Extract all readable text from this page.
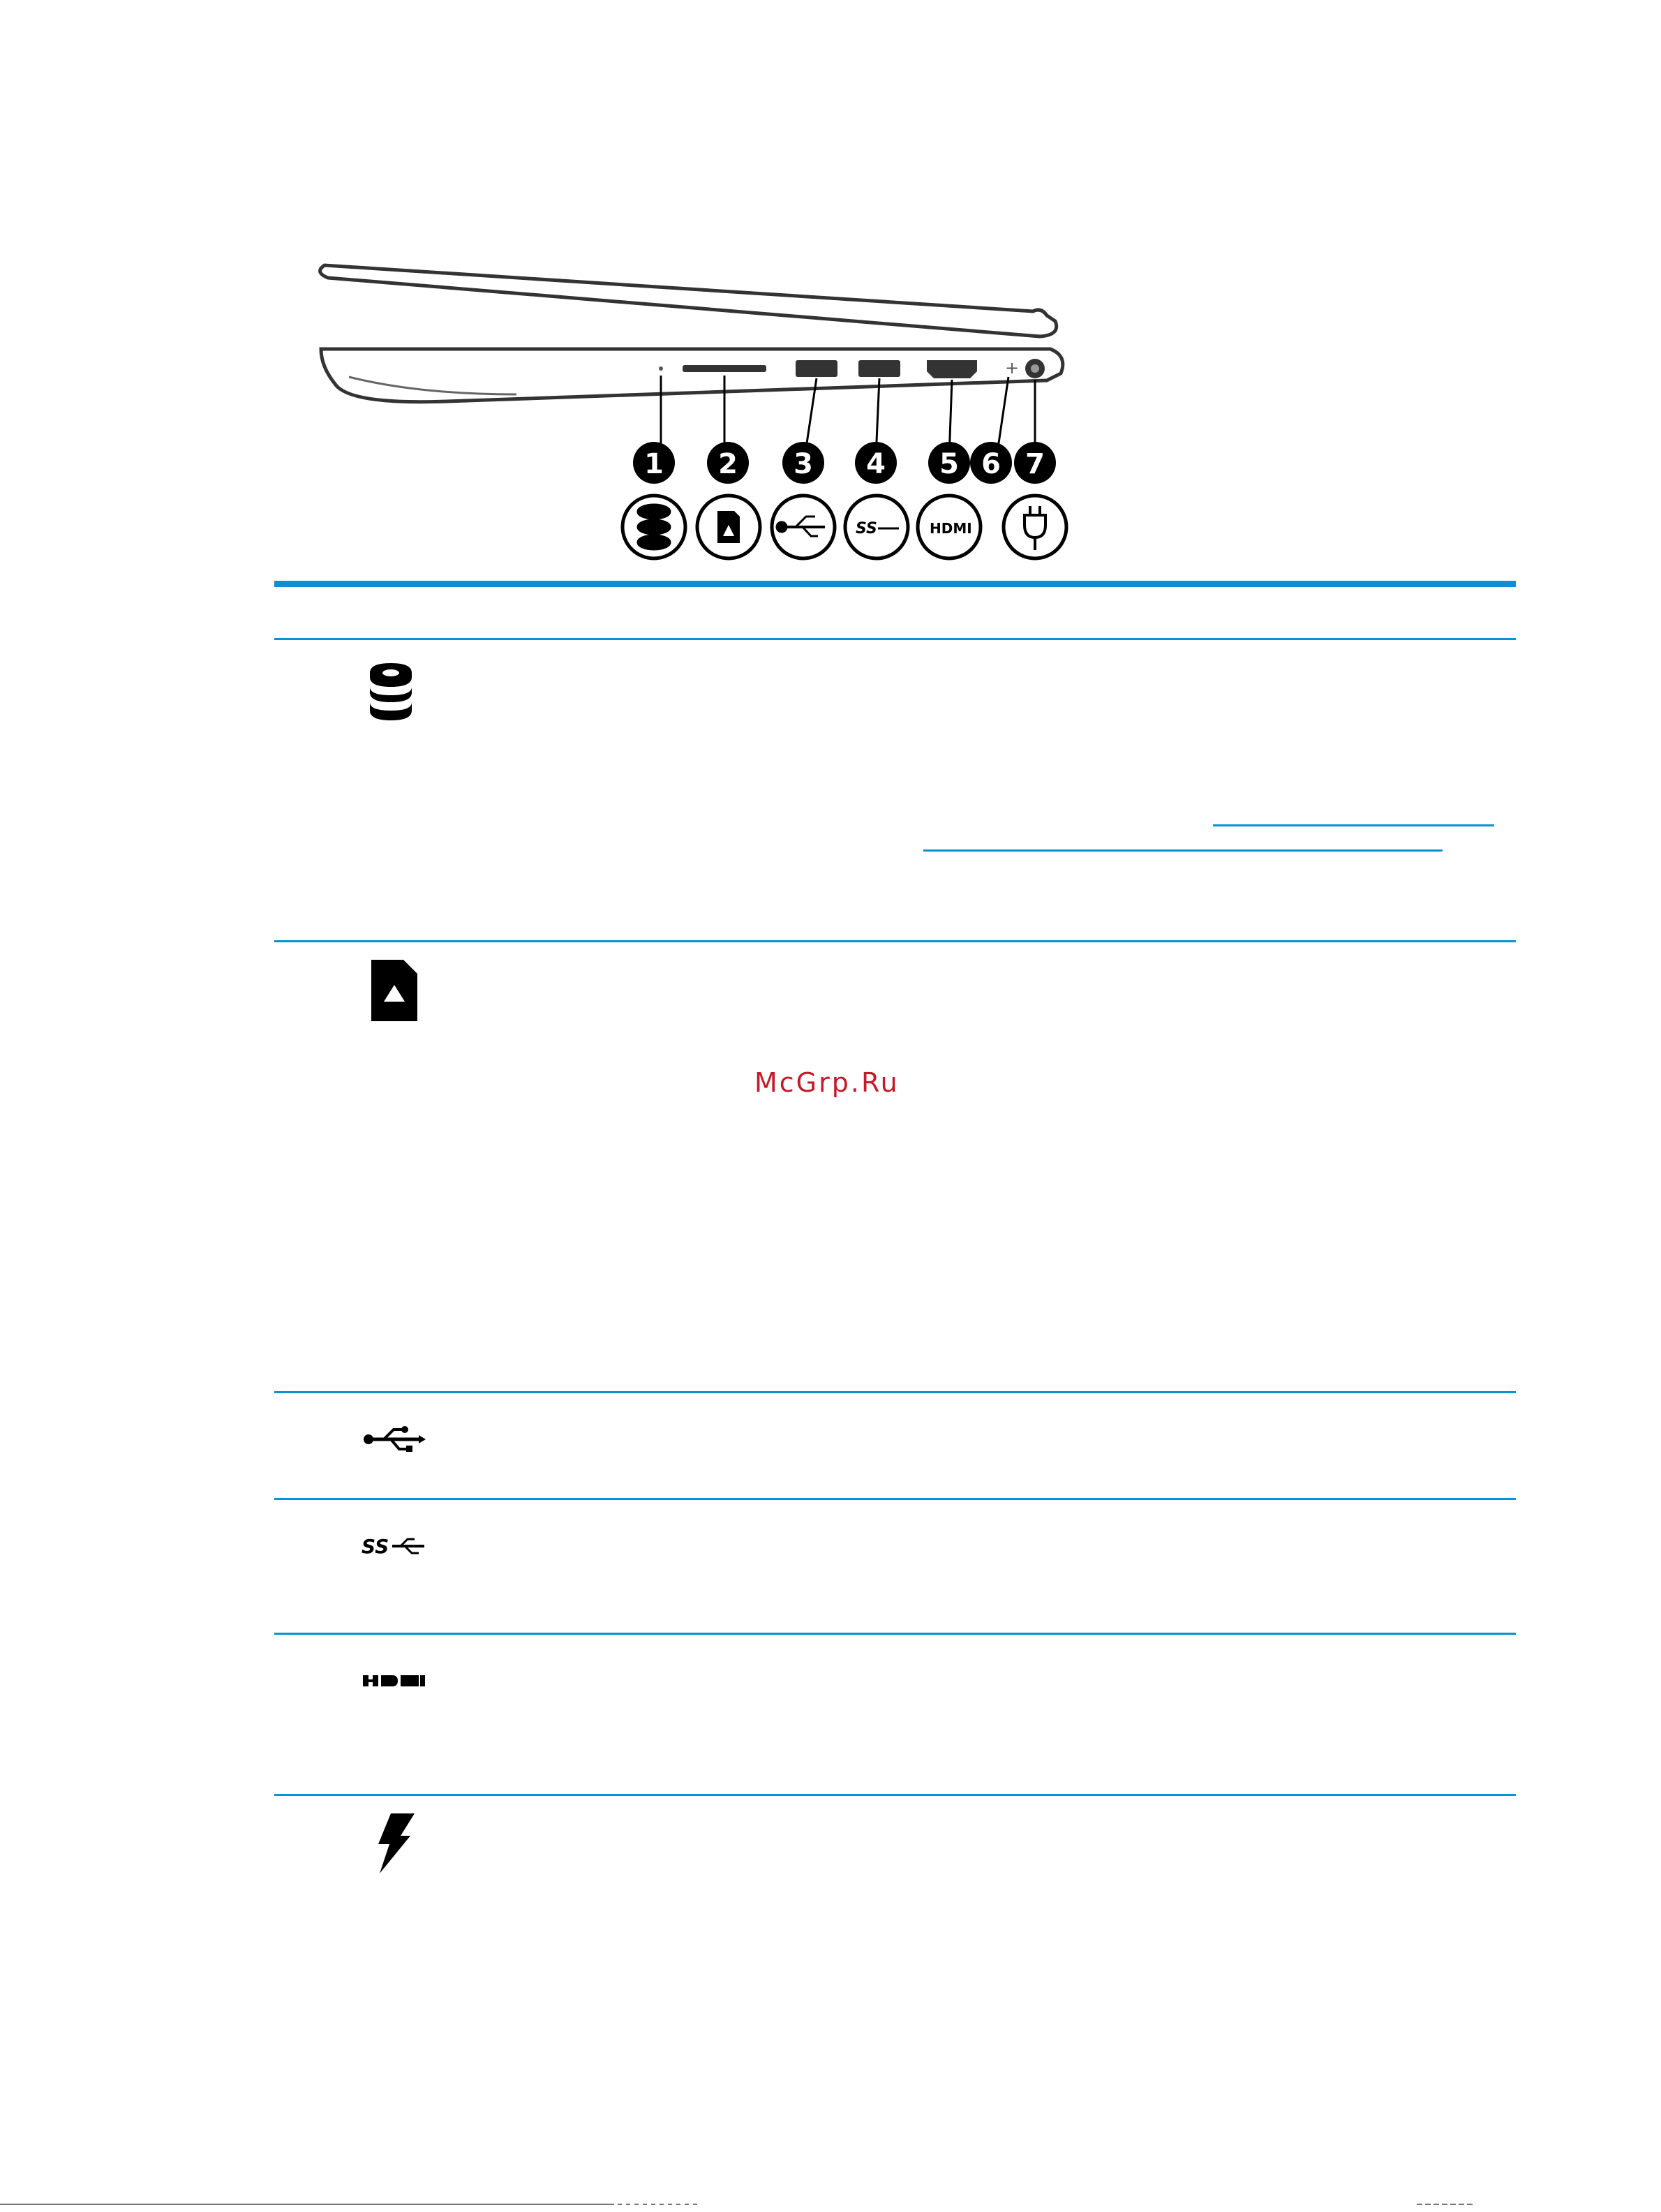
+
1 2 3 4 5 6 7
SS	HDMI
SS
McGrp.Ru
